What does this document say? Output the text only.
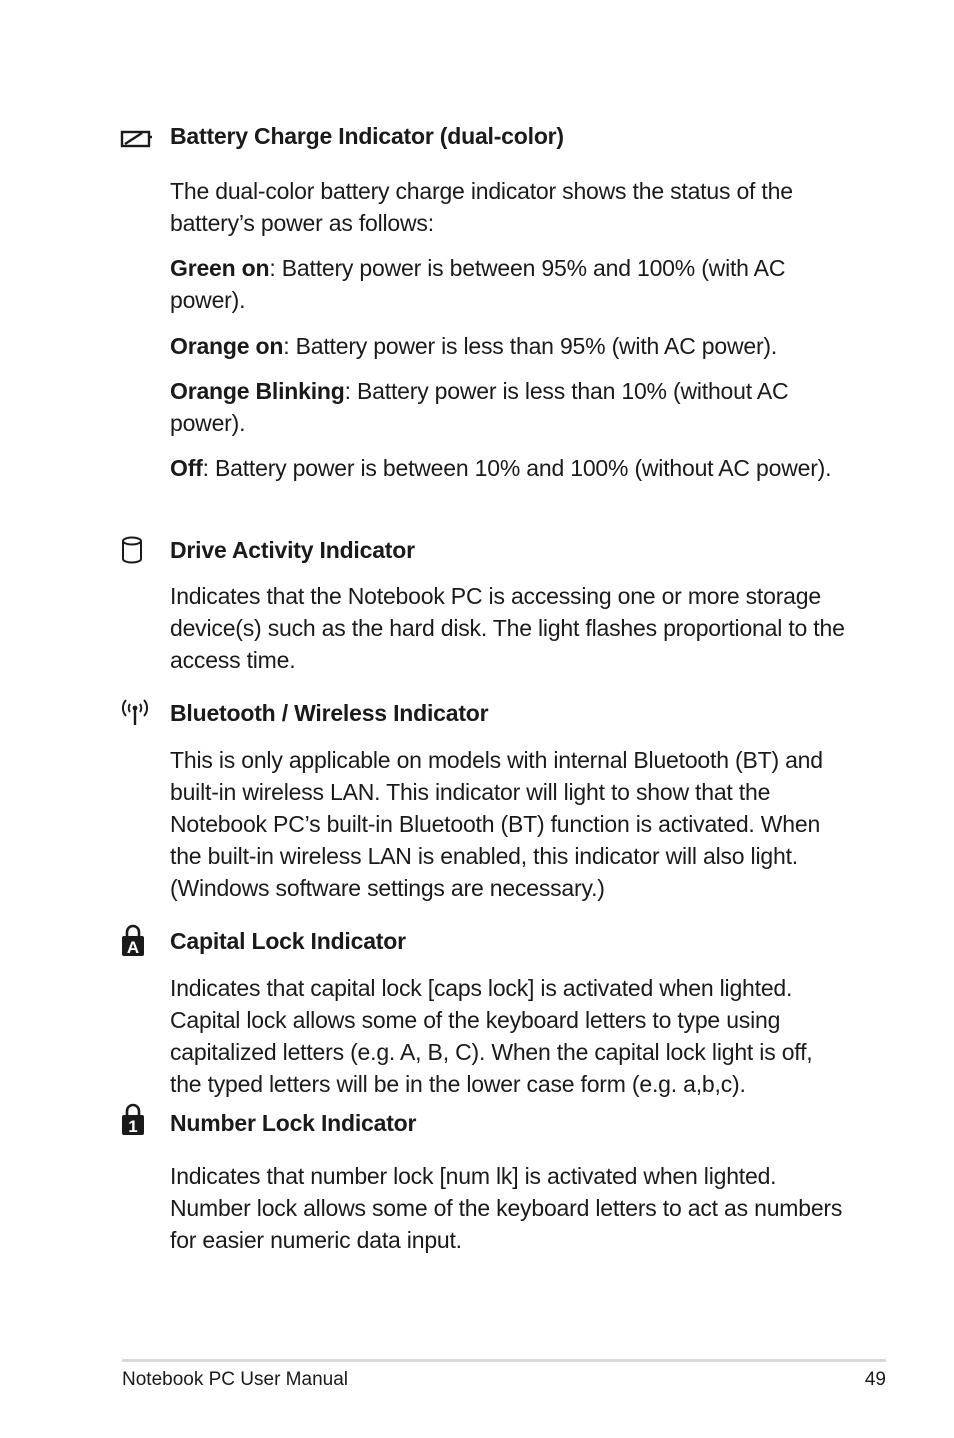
Battery Charge Indicator (dual-color)

The dual-color battery charge indicator shows the status of the battery’s power as follows:

Green on: Battery power is between 95% and 100% (with AC power).

Orange on: Battery power is less than 95% (with AC power).

Orange Blinking: Battery power is less than 10% (without AC power).

Off: Battery power is between 10% and 100% (without AC power).

Drive Activity Indicator

Indicates that the Notebook PC is accessing one or more storage device(s) such as the hard disk. The light flashes proportional to the access time.

Bluetooth / Wireless Indicator

This is only applicable on models with internal Bluetooth (BT) and built-in wireless LAN. This indicator will light to show that the Notebook PC’s built-in Bluetooth (BT) function is activated. When the built-in wireless LAN is enabled, this indicator will also light. (Windows software settings are necessary.)

A Capital Lock Indicator

Indicates that capital lock [caps lock] is activated when lighted. Capital lock allows some of the keyboard letters to type using capitalized letters (e.g. A, B, C). When the capital lock light is off, the typed letters will be in the lower case form (e.g. a,b,c).

1 Number Lock Indicator

Indicates that number lock [num lk] is activated when lighted. Number lock allows some of the keyboard letters to act as numbers for easier numeric data input.

Notebook PC User Manual	49
